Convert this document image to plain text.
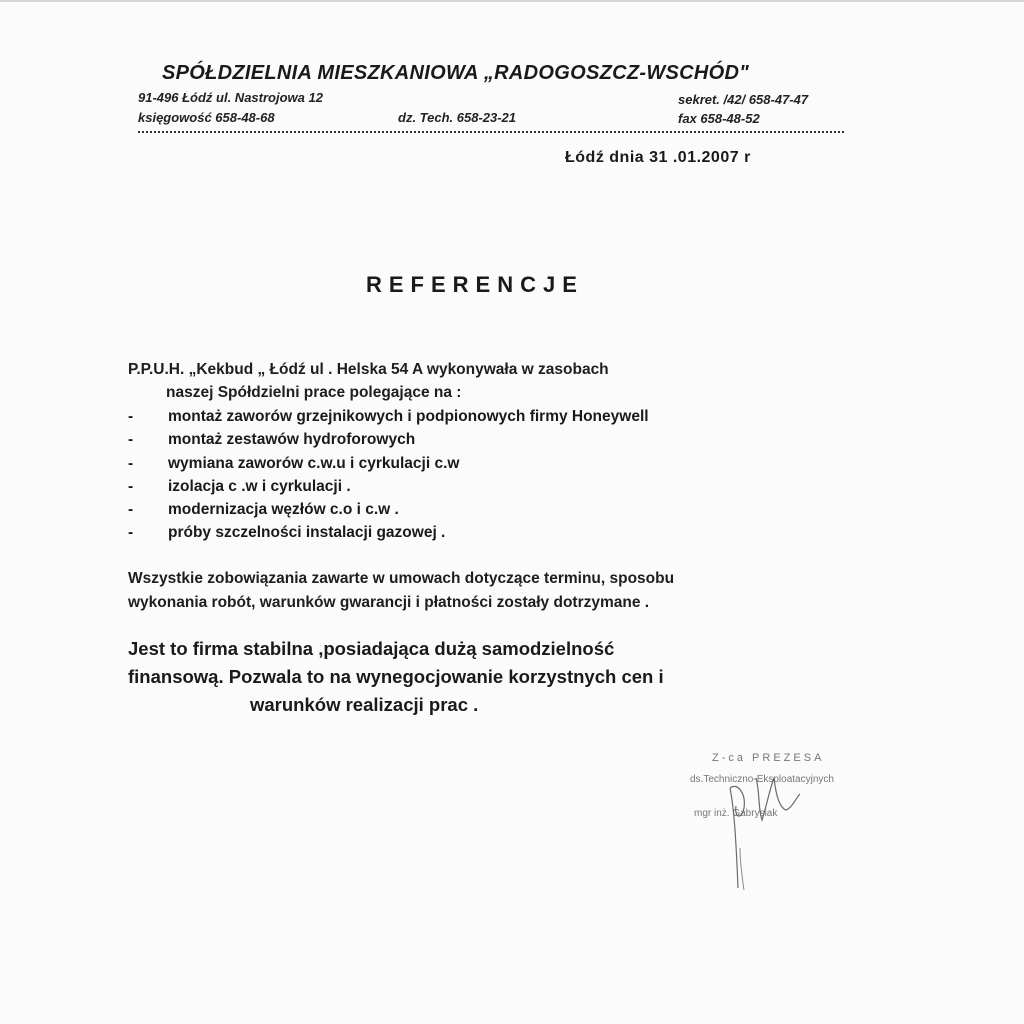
SPÓŁDZIELNIA MIESZKANIOWA „RADOGOSZCZ-WSCHÓD"
91-496 Łódź ul. Nastrojowa 12
księgowość 658-48-68	dz. Tech. 658-23-21
sekret. /42/ 658-47-47
fax 658-48-52
Łódź dnia 31 .01.2007 r
REFERENCJE
P.P.U.H. „Kekbud „ Łódź ul . Helska 54 A wykonywała w zasobach
naszej Spółdzielni prace polegające na :
-	montaż zaworów grzejnikowych i podpionowych firmy Honeywell
-	montaż zestawów hydroforowych
-	wymiana zaworów c.w.u i cyrkulacji c.w
-	izolacja c .w i cyrkulacji .
-	modernizacja węzłów c.o i c.w .
-	próby szczelności instalacji gazowej .
Wszystkie zobowiązania zawarte w umowach dotyczące terminu, sposobu
wykonania robót, warunków gwarancji i płatności zostały dotrzymane .
Jest to firma stabilna ,posiadająca dużą samodzielność
finansową. Pozwala to na wynegocjowanie korzystnych cen i
warunków realizacji prac .
Z-ca PREZESA
ds.Techniczno-Eksploatacyjnych
mgr inż. Gabrysiak
